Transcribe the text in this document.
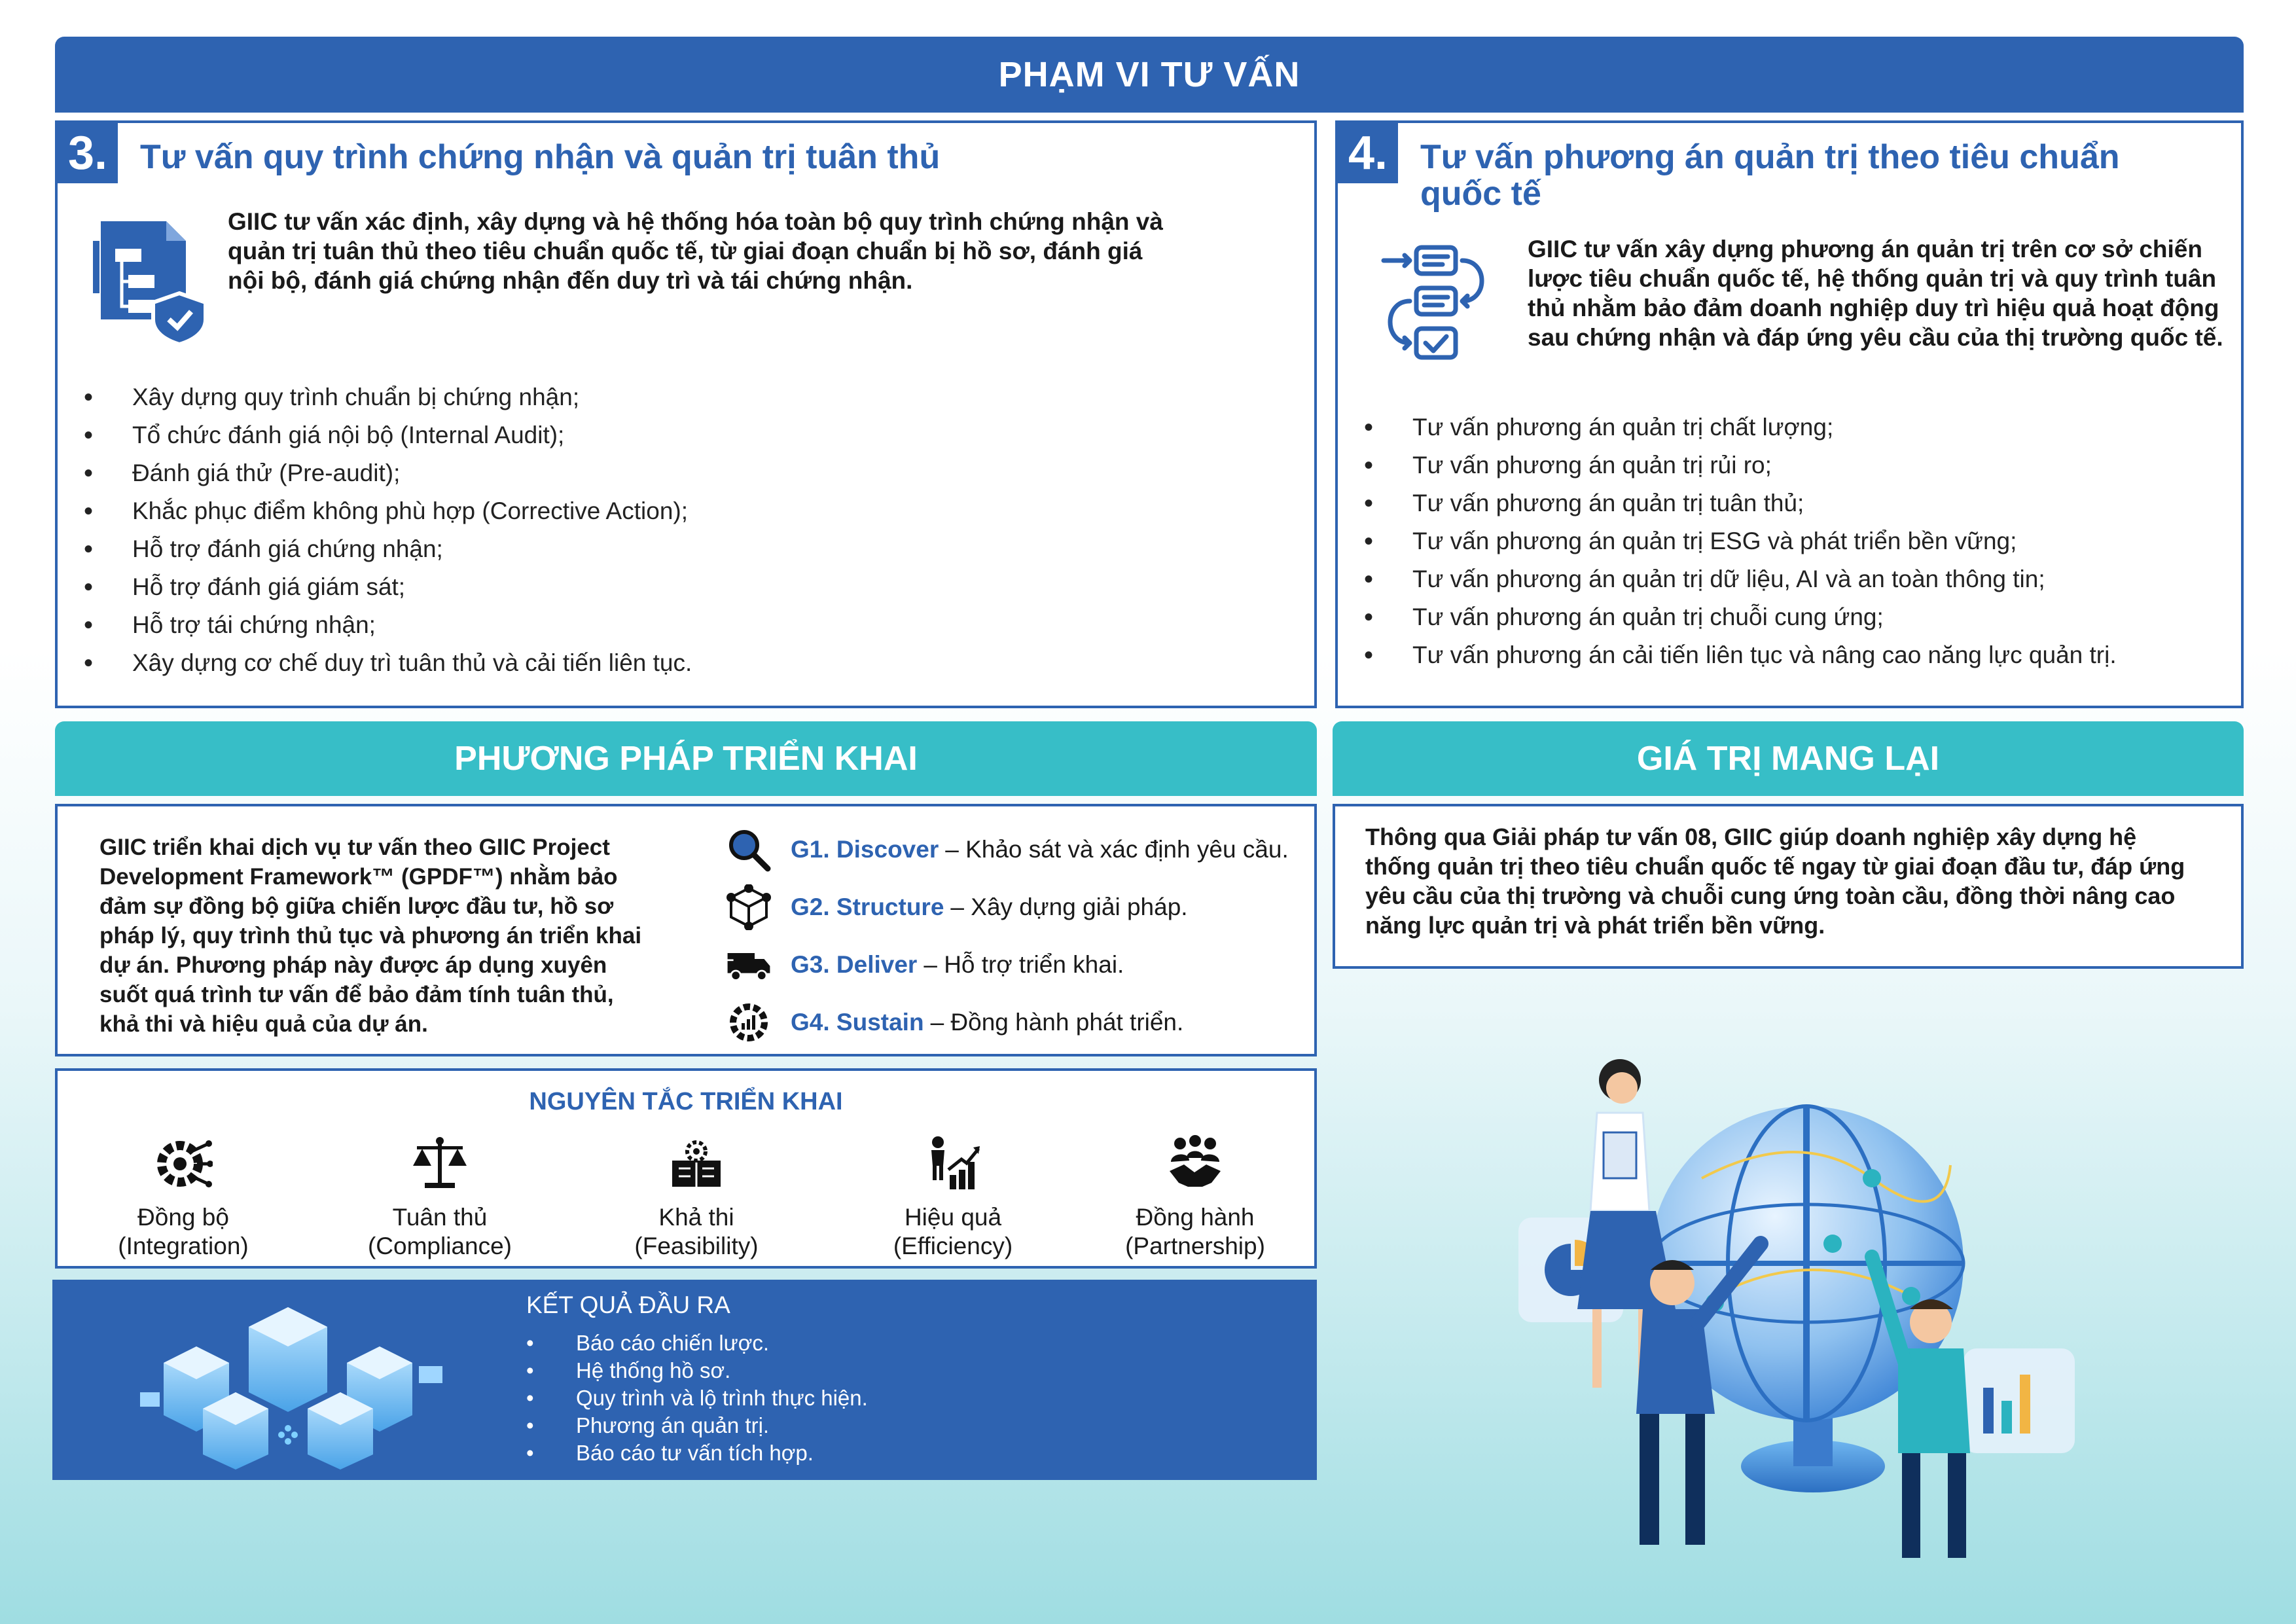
PHẠM VI TƯ VẤN
3. Tư vấn quy trình chứng nhận và quản trị tuân thủ
GIIC tư vấn xác định, xây dựng và hệ thống hóa toàn bộ quy trình chứng nhận và
quản trị tuân thủ theo tiêu chuẩn quốc tế, từ giai đoạn chuẩn bị hồ sơ, đánh giá
nội bộ, đánh giá chứng nhận đến duy trì và tái chứng nhận.
• Xây dựng quy trình chuẩn bị chứng nhận;
• Tổ chức đánh giá nội bộ (Internal Audit);
• Đánh giá thử (Pre-audit);
• Khắc phục điểm không phù hợp (Corrective Action);
• Hỗ trợ đánh giá chứng nhận;
• Hỗ trợ đánh giá giám sát;
• Hỗ trợ tái chứng nhận;
• Xây dựng cơ chế duy trì tuân thủ và cải tiến liên tục.
4. Tư vấn phương án quản trị theo tiêu chuẩn
quốc tế
GIIC tư vấn xây dựng phương án quản trị trên cơ sở chiến
lược tiêu chuẩn quốc tế, hệ thống quản trị và quy trình tuân
thủ nhằm bảo đảm doanh nghiệp duy trì hiệu quả hoạt động
sau chứng nhận và đáp ứng yêu cầu của thị trường quốc tế.
• Tư vấn phương án quản trị chất lượng;
• Tư vấn phương án quản trị rủi ro;
• Tư vấn phương án quản trị tuân thủ;
• Tư vấn phương án quản trị ESG và phát triển bền vững;
• Tư vấn phương án quản trị dữ liệu, AI và an toàn thông tin;
• Tư vấn phương án quản trị chuỗi cung ứng;
• Tư vấn phương án cải tiến liên tục và nâng cao năng lực quản trị.
PHƯƠNG PHÁP TRIỂN KHAI
GIIC triển khai dịch vụ tư vấn theo GIIC Project
Development Framework™ (GPDF™) nhằm bảo
đảm sự đồng bộ giữa chiến lược đầu tư, hồ sơ
pháp lý, quy trình thủ tục và phương án triển khai
dự án. Phương pháp này được áp dụng xuyên
suốt quá trình tư vấn để bảo đảm tính tuân thủ,
khả thi và hiệu quả của dự án.
G1. Discover – Khảo sát và xác định yêu cầu.
G2. Structure – Xây dựng giải pháp.
G3. Deliver – Hỗ trợ triển khai.
G4. Sustain – Đồng hành phát triển.
NGUYÊN TẮC TRIỂN KHAI
Đồng bộ
(Integration)
Tuân thủ
(Compliance)
Khả thi
(Feasibility)
Hiệu quả
(Efficiency)
Đồng hành
(Partnership)
KẾT QUẢ ĐẦU RA
• Báo cáo chiến lược.
• Hệ thống hồ sơ.
• Quy trình và lộ trình thực hiện.
• Phương án quản trị.
• Báo cáo tư vấn tích hợp.
GIÁ TRỊ MANG LẠI
Thông qua Giải pháp tư vấn 08, GIIC giúp doanh nghiệp xây dựng hệ
thống quản trị theo tiêu chuẩn quốc tế ngay từ giai đoạn đầu tư, đáp ứng
yêu cầu của thị trường và chuỗi cung ứng toàn cầu, đồng thời nâng cao
năng lực quản trị và phát triển bền vững.
